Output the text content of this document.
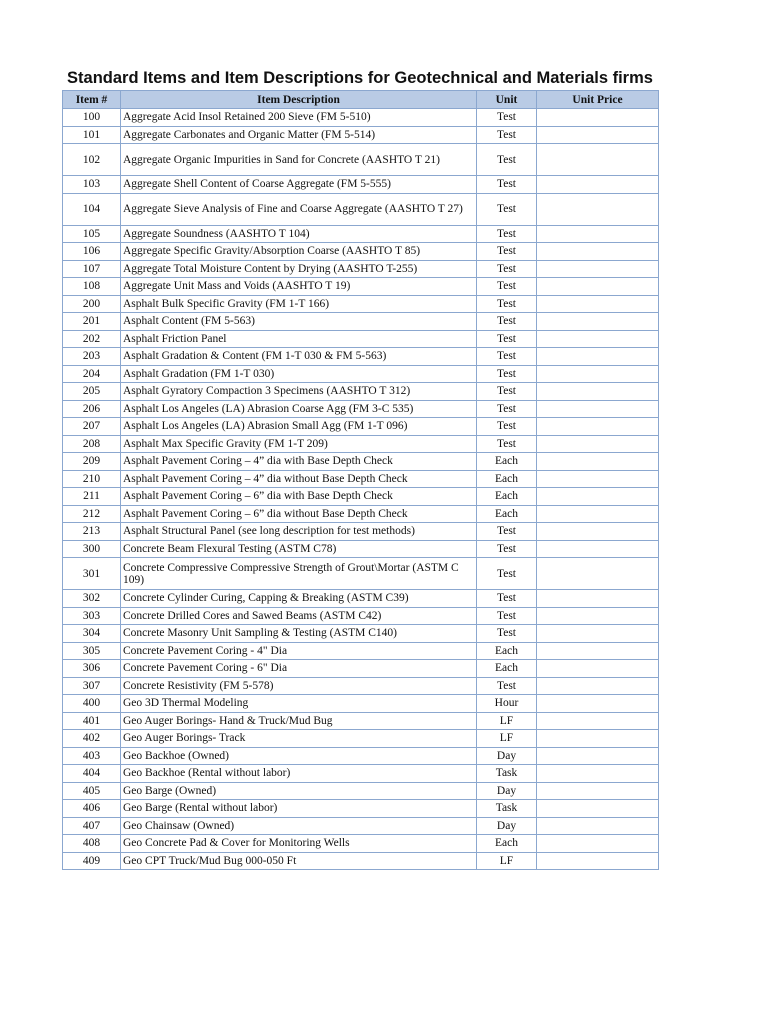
Standard Items and Item Descriptions for Geotechnical and Materials firms
Item #	Item Description	Unit	Unit Price
100	Aggregate Acid Insol Retained 200 Sieve (FM 5-510)	Test	
101	Aggregate Carbonates and Organic Matter (FM 5-514)	Test	
102	Aggregate Organic Impurities in Sand for Concrete (AASHTO T 21)	Test	
103	Aggregate Shell Content of Coarse Aggregate (FM 5-555)	Test	
104	Aggregate Sieve Analysis of Fine and Coarse Aggregate (AASHTO T 27)	Test	
105	Aggregate Soundness (AASHTO T 104)	Test	
106	Aggregate Specific Gravity/Absorption Coarse (AASHTO T 85)	Test	
107	Aggregate Total Moisture Content by Drying (AASHTO T-255)	Test	
108	Aggregate Unit Mass and Voids (AASHTO T 19)	Test	
200	Asphalt Bulk Specific Gravity (FM 1-T 166)	Test	
201	Asphalt Content (FM 5-563)	Test	
202	Asphalt Friction Panel	Test	
203	Asphalt Gradation & Content (FM 1-T 030 & FM 5-563)	Test	
204	Asphalt Gradation (FM 1-T 030)	Test	
205	Asphalt Gyratory Compaction 3 Specimens (AASHTO T 312)	Test	
206	Asphalt Los Angeles (LA) Abrasion Coarse Agg (FM 3-C 535)	Test	
207	Asphalt Los Angeles (LA) Abrasion Small Agg (FM 1-T 096)	Test	
208	Asphalt Max Specific Gravity (FM 1-T 209)	Test	
209	Asphalt Pavement Coring – 4” dia with Base Depth Check	Each	
210	Asphalt Pavement Coring – 4” dia without Base Depth Check	Each	
211	Asphalt Pavement Coring – 6” dia with Base Depth Check	Each	
212	Asphalt Pavement Coring – 6” dia without Base Depth Check	Each	
213	Asphalt Structural Panel (see long description for test methods)	Test	
300	Concrete Beam Flexural Testing (ASTM C78)	Test	
301	Concrete Compressive Compressive Strength of Grout\Mortar (ASTM C 109)	Test	
302	Concrete Cylinder Curing, Capping & Breaking (ASTM C39)	Test	
303	Concrete Drilled Cores and Sawed Beams (ASTM C42)	Test	
304	Concrete Masonry Unit Sampling & Testing (ASTM C140)	Test	
305	Concrete Pavement Coring - 4" Dia	Each	
306	Concrete Pavement Coring - 6" Dia	Each	
307	Concrete Resistivity (FM 5-578)	Test	
400	Geo 3D Thermal Modeling	Hour	
401	Geo Auger Borings- Hand & Truck/Mud Bug	LF	
402	Geo Auger Borings- Track	LF	
403	Geo Backhoe (Owned)	Day	
404	Geo Backhoe (Rental without labor)	Task	
405	Geo Barge (Owned)	Day	
406	Geo Barge (Rental without labor)	Task	
407	Geo Chainsaw (Owned)	Day	
408	Geo Concrete Pad & Cover for Monitoring Wells	Each	
409	Geo CPT Truck/Mud Bug 000-050 Ft	LF	
